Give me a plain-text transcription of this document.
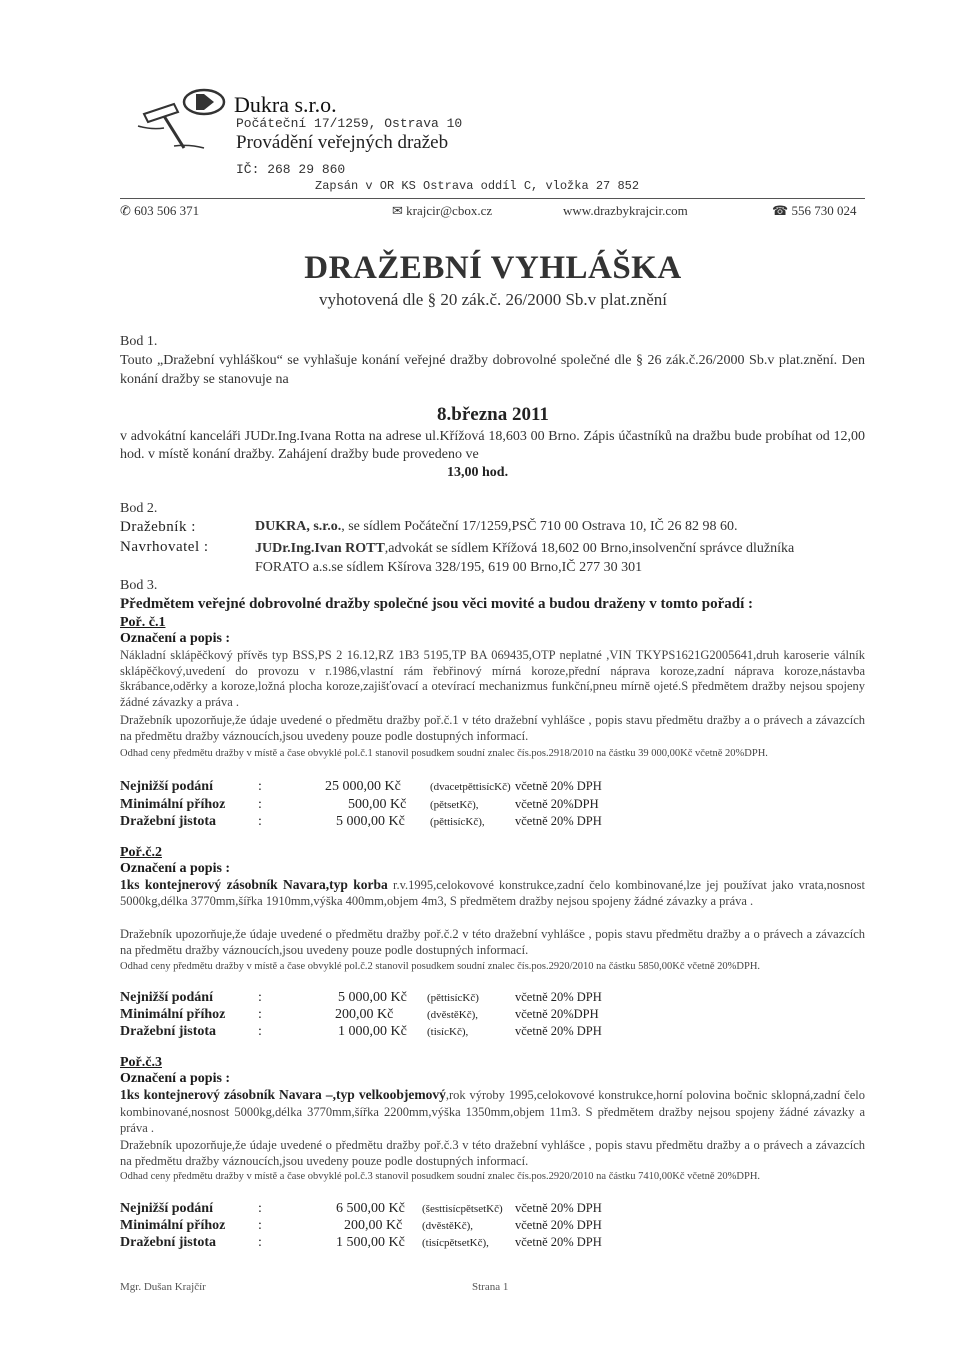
Dukra s.r.o.
Počáteční 17/1259, Ostrava 10
Provádění veřejných dražeb
IČ: 268 29 860
Zapsán v OR KS Ostrava oddíl C, vložka 27 852
✆ 603 506 371	✉ krajcir@cbox.cz	www.drazbykrajcir.com	☎ 556 730 024
DRAŽEBNÍ VYHLÁŠKA
vyhotovená dle § 20 zák.č. 26/2000 Sb.v plat.znění
Bod 1.

Touto „Dražební vyhláškou“ se vyhlašuje konání veřejné dražby dobrovolné společné dle § 26 zák.č.26/2000 Sb.v plat.znění. Den konání dražby se stanovuje na

8.března 2011

v advokátní kanceláři JUDr.Ing.Ivana Rotta na adrese ul.Křížová 18,603 00 Brno. Zápis účastníků na dražbu bude probíhat od 12,00 hod. v místě konání dražby. Zahájení dražby bude provedeno ve

13,00 hod.
Bod 2.
Dražebník :	DUKRA, s.r.o., se sídlem Počáteční 17/1259,PSČ 710 00 Ostrava 10, IČ 26 82 98 60.
Navrhovatel :	JUDr.Ing.Ivan ROTT,advokát se sídlem Křížová 18,602 00 Brno,insolvenční správce dlužníka FORATO a.s.se sídlem Kšírova 328/195, 619 00 Brno,IČ 277 30 301
Bod 3.
Předmětem veřejné dobrovolné dražby společné jsou věci movité a budou draženy v tomto pořadí :
Poř. č.1
Označení a popis :

Nákladní sklápěčkový přívěs typ BSS,PS 2 16.12,RZ 1B3 5195,TP BA 069435,OTP neplatné ,VIN TKYPS1621G2005641,druh karoserie válník sklápěčkový,uvedení do provozu v r.1986,vlastní rám řebřinový mírná koroze,přední náprava koroze,zadní náprava koroze,nástavba škrábance,oděrky a koroze,ložná plocha koroze,zajišťovací a otevírací mechanizmus funkční,pneu mírně ojeté.S předmětem dražby nejsou spojeny žádné závazky a práva .

Dražebník upozorňuje,že údaje uvedené o předmětu dražby poř.č.1 v této dražební vyhlášce , popis stavu předmětu dražby a o právech a závazcích na předmětu dražby váznoucích,jsou uvedeny pouze podle dostupných informací.

Odhad ceny předmětu dražby v místě a čase obvyklé pol.č.1 stanovil posudkem soudní znalec čís.pos.2918/2010 na částku 39 000,00Kč včetně 20%DPH.

Nejnižší podání	:	25 000,00 Kč	(dvacetpěttisícKč) včetně 20% DPH
Minimální příhoz :	500,00 Kč (pětsetKč),	včetně 20%DPH
Dražební jistota	:	5 000,00 Kč (pěttisícKč), včetně 20% DPH
Poř.č.2
Označení a popis :

1ks kontejnerový zásobník Navara,typ korba r.v.1995,celokovové konstrukce,zadní čelo kombinované,lze jej používat jako vrata,nosnost 5000kg,délka 3770mm,šířka 1910mm,výška 400mm,objem 4m3, S předmětem dražby nejsou spojeny žádné závazky a práva .

Dražebník upozorňuje,že údaje uvedené o předmětu dražby poř.č.2 v této dražební vyhlášce , popis stavu předmětu dražby a o právech a závazcích na předmětu dražby váznoucích,jsou uvedeny pouze podle dostupných informací.

Odhad ceny předmětu dražby v místě a čase obvyklé pol.č.2 stanovil posudkem soudní znalec čís.pos.2920/2010 na částku 5850,00Kč včetně 20%DPH.

Nejnižší podání	:	5 000,00 Kč (pěttisícKč)	včetně 20% DPH
Minimální příhoz :	200,00 Kč	(dvěstěKč),	včetně 20%DPH
Dražební jistota	:	1 000,00 Kč (tisícKč),	včetně 20% DPH
Poř.č.3
Označení a popis :

1ks kontejnerový zásobník Navara –,typ velkoobjemový,rok výroby 1995,celokovové konstrukce,horní polovina bočnic sklopná,zadní čelo kombinované,nosnost 5000kg,délka 3770mm,šířka 2200mm,výška 1350mm,objem 11m3. S předmětem dražby nejsou spojeny žádné závazky a práva .

Dražebník upozorňuje,že údaje uvedené o předmětu dražby poř.č.3 v této dražební vyhlášce , popis stavu předmětu dražby a o právech a závazcích na předmětu dražby váznoucích,jsou uvedeny pouze podle dostupných informací.

Odhad ceny předmětu dražby v místě a čase obvyklé pol.č.3 stanovil posudkem soudní znalec čís.pos.2920/2010 na částku 7410,00Kč včetně 20%DPH.

Nejnižší podání	:	6 500,00 Kč (šesttisícpětsetKč) včetně 20% DPH
Minimální příhoz :	200,00 Kč (dvěstěKč),	včetně 20% DPH
Dražební jistota	:	1 500,00 Kč (tisícpětsetKč), včetně 20% DPH
Mgr. Dušan Krajčír	Strana 1
